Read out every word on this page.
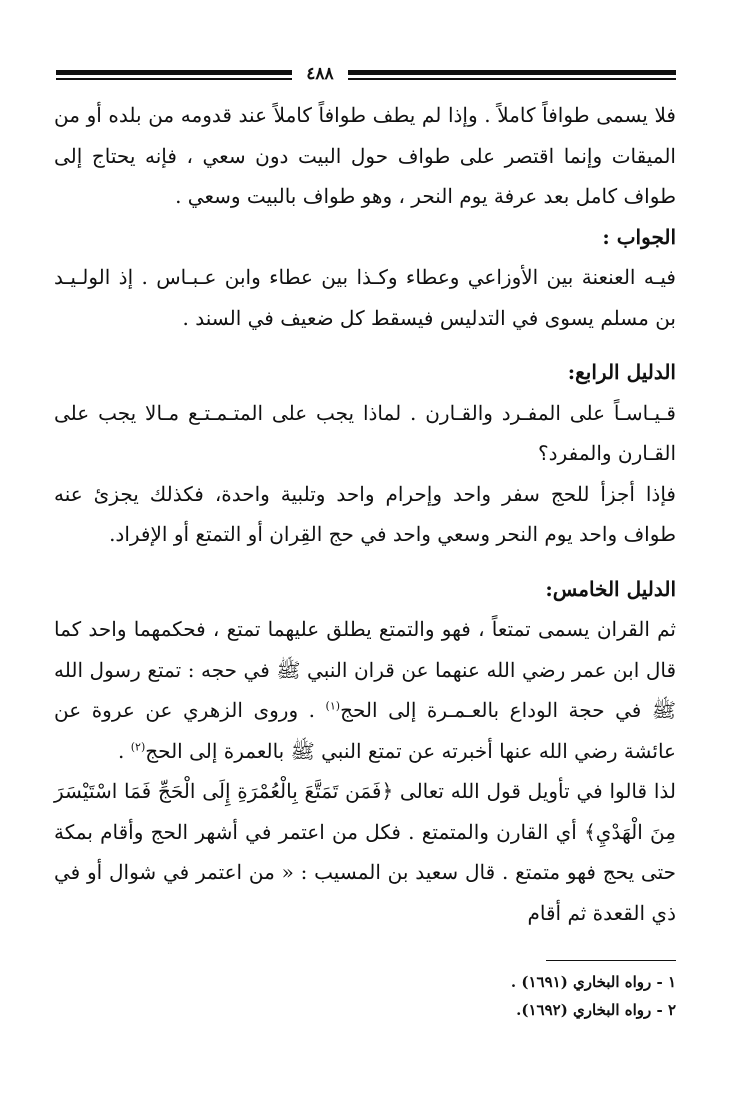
٤٨٨

فلا يسمى طوافاً كاملاً . وإذا لم يطف طوافاً كاملاً عند قدومه من بلده أو من الميقات وإنما اقتصر على طواف حول البيت دون سعي ، فإنه يحتاج إلى طواف كامل بعد عرفة يوم النحر ، وهو طواف بالبيت وسعي .

الجواب :

فيـه العنعنة بين الأوزاعي وعطاء وكـذا بين عطاء وابن عـبـاس . إذ الولـيـد بن مسلم يسوى في التدليس فيسقط كل ضعيف في السند .

الدليل الرابع:

قـيـاسـاً على المفـرد والقـارن . لماذا يجب على المتـمـتـع مـالا يجب على القـارن والمفرد؟

فإذا أجزأ للحج سفر واحد وإحرام واحد وتلبية واحدة، فكذلك يجزئ عنه طواف واحد يوم النحر وسعي واحد في حج القِران أو التمتع أو الإفراد.

الدليل الخامس:

ثم القران يسمى تمتعاً ، فهو والتمتع يطلق عليهما تمتع ، فحكمهما واحد كما قال ابن عمر رضي الله عنهما عن قران النبي ﷺ في حجه : تمتع رسول الله ﷺ في حجة الوداع بالعـمـرة إلى الحج$^{(١)}$ . وروى الزهري عن عروة عن عائشة رضي الله عنها أخبرته عن تمتع النبي ﷺ بالعمرة إلى الحج$^{(٢)}$ .

لذا قالوا في تأويل قول الله تعالى ﴿فَمَن تَمَتَّعَ بِالْعُمْرَةِ إِلَى الْحَجِّ فَمَا اسْتَيْسَرَ مِنَ الْهَدْيِ﴾ أي القارن والمتمتع . فكل من اعتمر في أشهر الحج وأقام بمكة حتى يحج فهو متمتع . قال سعيد بن المسيب : « من اعتمر في شوال أو في ذي القعدة ثم أقام

١ - رواه البخاري (١٦٩١) .
٢ - رواه البخاري (١٦٩٢).
